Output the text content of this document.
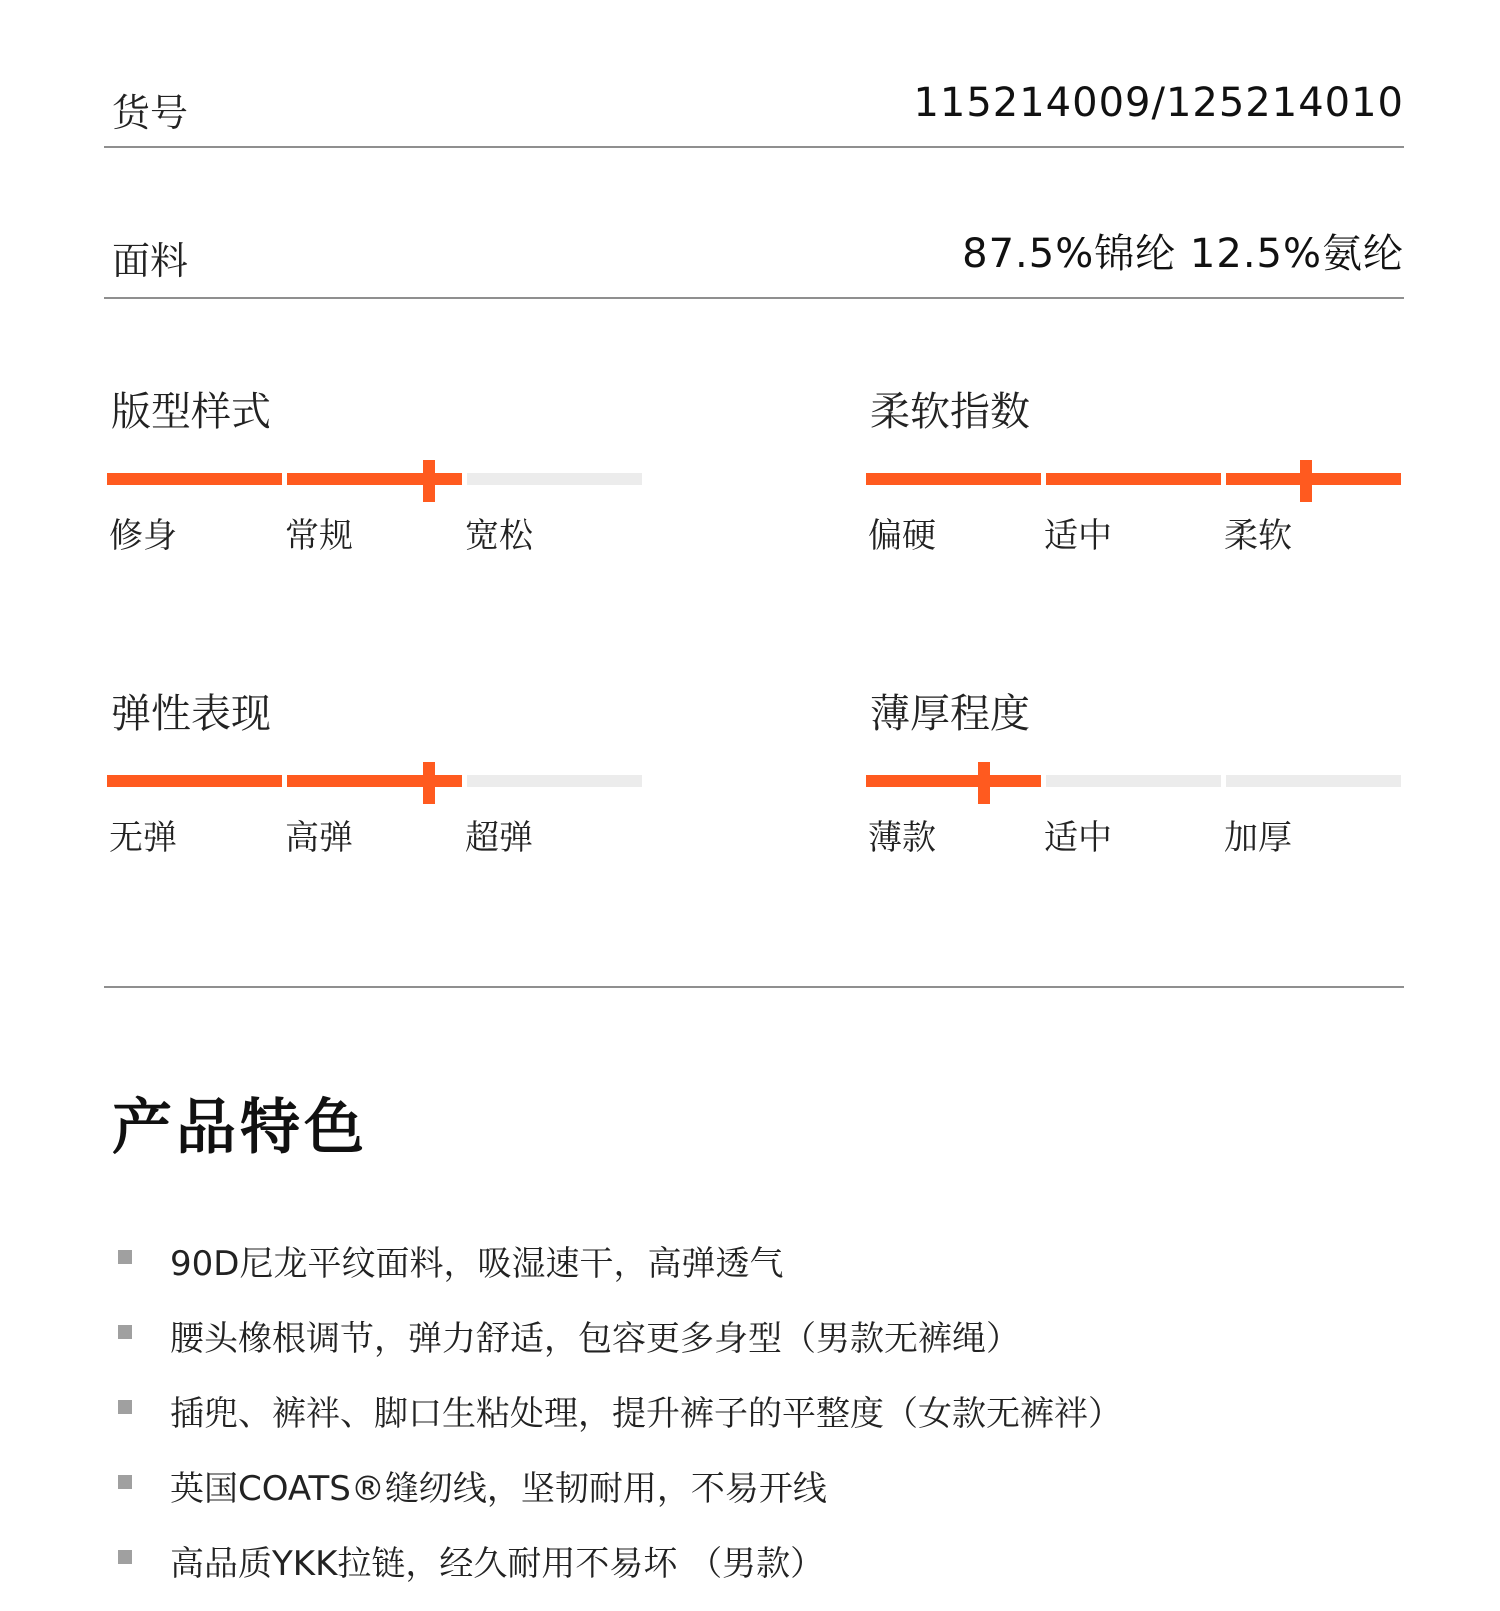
货号	115214009/125214010
面料	87.5%锦纶 12.5%氨纶
版型样式
修身	常规	宽松
柔软指数
偏硬	适中	柔软
弹性表现
无弹	高弹	超弹
薄厚程度
薄款	适中	加厚
产品特色
90D尼龙平纹面料，吸湿速干，高弹透气
腰头橡根调节，弹力舒适，包容更多身型（男款无裤绳）
插兜、裤袢、脚口生粘处理，提升裤子的平整度（女款无裤袢）
英国COATS®缝纫线，坚韧耐用，不易开线
高品质YKK拉链，经久耐用不易坏 （男款）
